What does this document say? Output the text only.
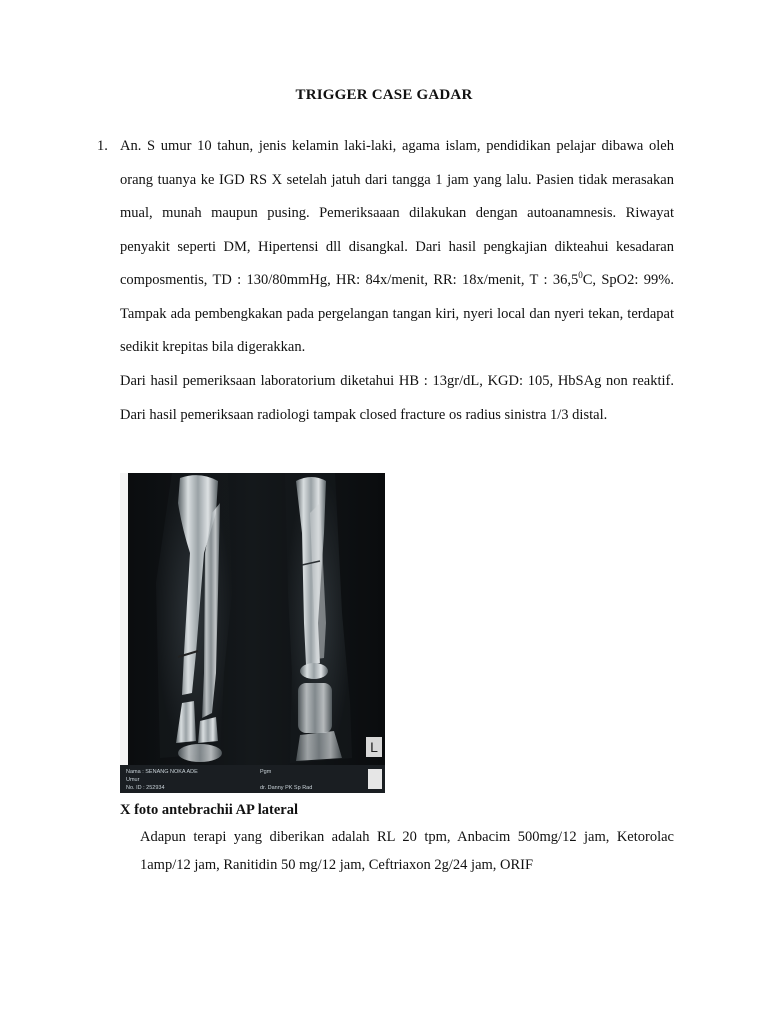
TRIGGER CASE GADAR
1. An. S umur 10 tahun, jenis kelamin laki-laki, agama islam, pendidikan pelajar dibawa oleh orang tuanya ke IGD RS X setelah jatuh dari tangga 1 jam yang lalu. Pasien tidak merasakan mual, munah maupun pusing. Pemeriksaaan dilakukan dengan autoanamnesis. Riwayat penyakit seperti DM, Hipertensi dll disangkal. Dari hasil pengkajian dikteahui kesadaran composmentis, TD : 130/80mmHg, HR: 84x/menit, RR: 18x/menit, T : 36,5$^0$C, SpO2: 99%. Tampak ada pembengkakan pada pergelangan tangan kiri, nyeri local dan nyeri tekan, terdapat sedikit krepitas bila digerakkan.
Dari hasil pemeriksaan laboratorium diketahui HB : 13gr/dL, KGD: 105, HbSAg non reaktif. Dari hasil pemeriksaan radiologi tampak closed fracture os radius sinistra 1/3 distal.
L
Nama : SENANG NOKA ADE
Umur
No. ID : 252934
Pgm
dr. Danny PK Sp Rad
X foto antebrachii AP lateral
Adapun terapi yang diberikan adalah RL 20 tpm, Anbacim 500mg/12 jam, Ketorolac 1amp/12 jam, Ranitidin 50 mg/12 jam, Ceftriaxon 2g/24 jam, ORIF
